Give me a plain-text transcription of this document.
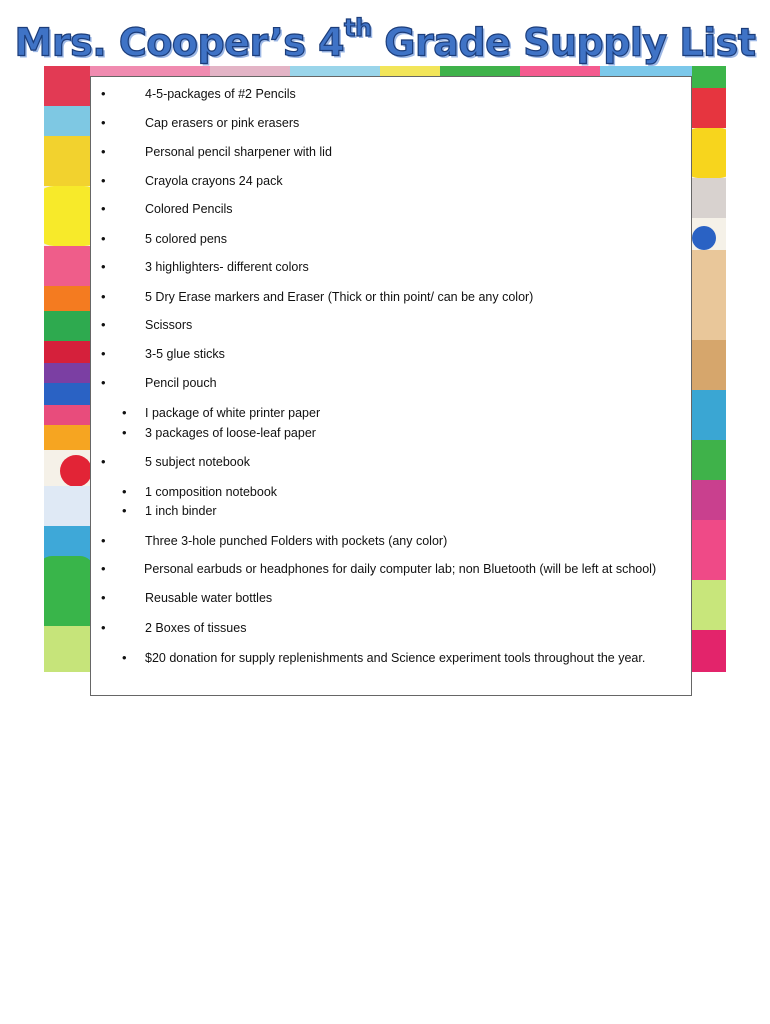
Mrs. Cooper’s 4th Grade Supply List
•
•
•
•
•
•
•
•
•
•
•
•
•
•
•
•
•
•
•
•
•
4-5-packages of #2 Pencils
Cap erasers or pink erasers
Personal pencil sharpener with lid
Crayola crayons 24 pack
Colored Pencils
5 colored pens
3 highlighters- different colors
5 Dry Erase markers and Eraser (Thick or thin point/ can be any color)
Scissors
3-5 glue sticks
Pencil pouch
I package of white printer paper
3 packages of loose-leaf paper
5 subject notebook
1 composition notebook
1 inch binder
Three 3-hole punched Folders with pockets (any color)
Personal earbuds or headphones for daily computer lab; non Bluetooth (will be left at school)
Reusable water bottles
2 Boxes of tissues
$20 donation for supply replenishments and Science experiment tools throughout the year.
